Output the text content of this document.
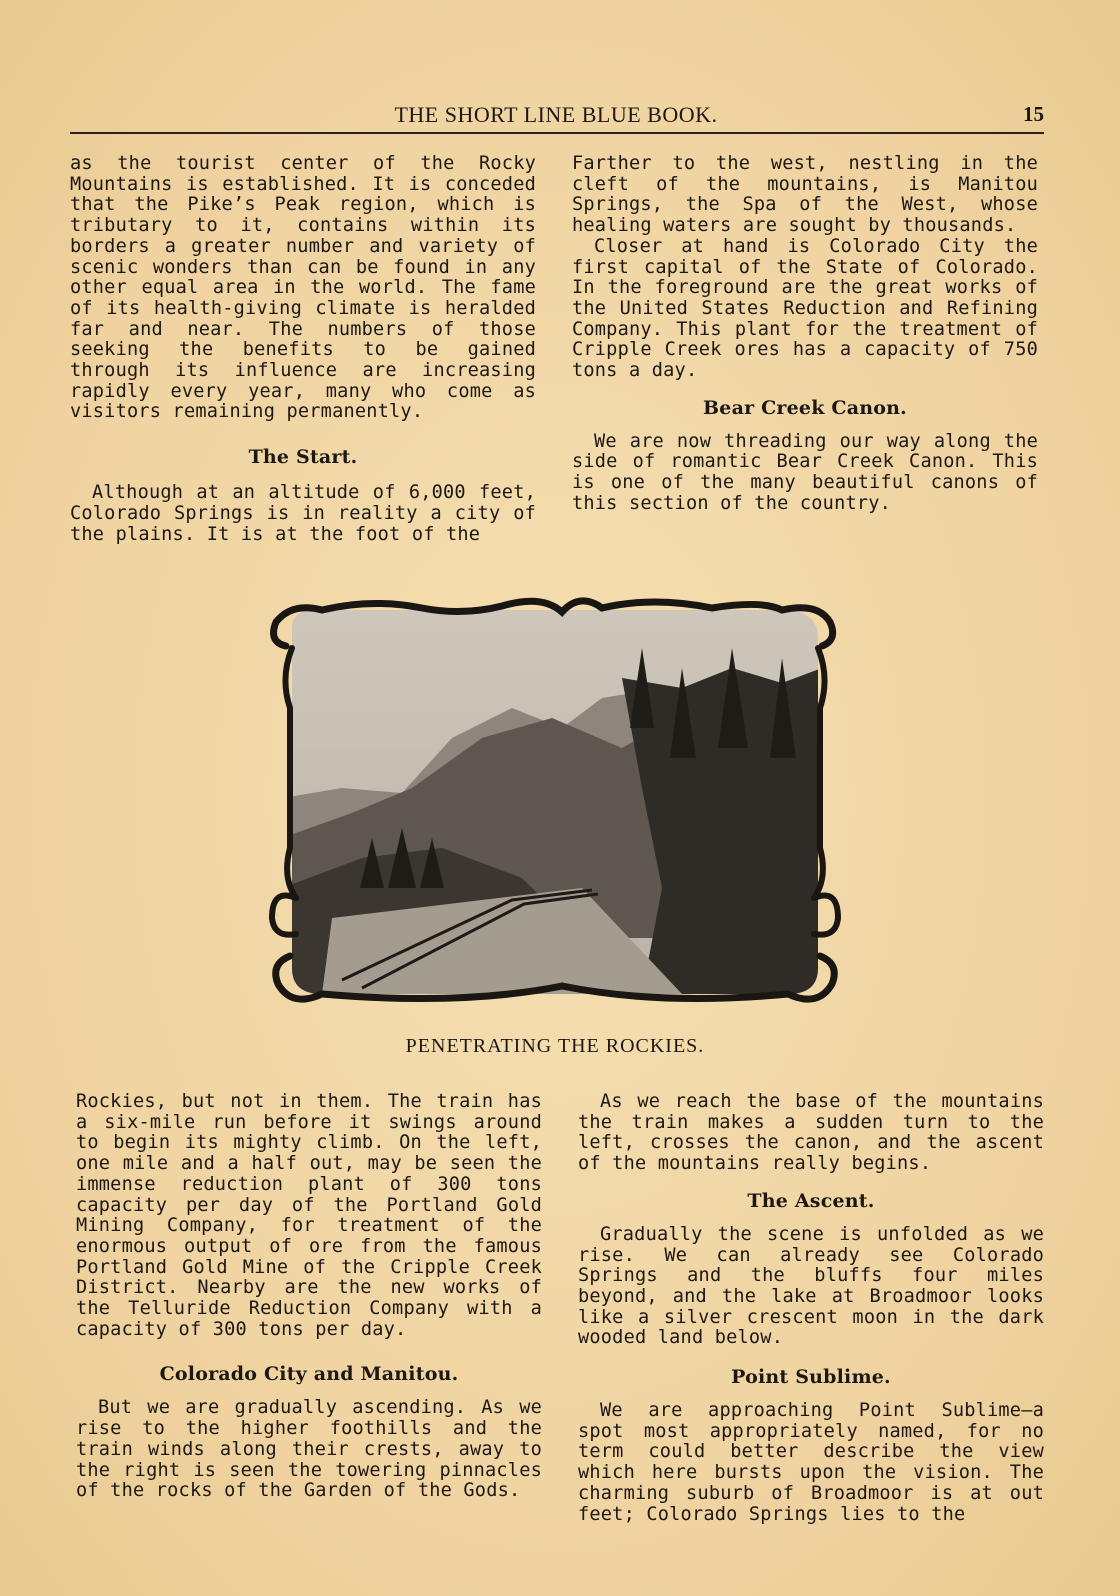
THE SHORT LINE BLUE BOOK.	15

as the tourist center of the Rocky Mountains is established. It is conceded that the Pike’s Peak region, which is tributary to it, contains within its borders a greater number and variety of scenic wonders than can be found in any other equal area in the world. The fame of its health-giving climate is heralded far and near. The numbers of those seeking the benefits to be gained through its influence are increasing rapidly every year, many who come as visitors remaining permanently.

The Start.

Although at an altitude of 6,000 feet, Colorado Springs is in reality a city of the plains. It is at the foot of the

Farther to the west, nestling in the cleft of the mountains, is Manitou Springs, the Spa of the West, whose healing waters are sought by thousands.

Closer at hand is Colorado City the first capital of the State of Colorado. In the foreground are the great works of the United States Reduction and Refining Company. This plant for the treatment of Cripple Creek ores has a capacity of 750 tons a day.

Bear Creek Canon.

We are now threading our way along the side of romantic Bear Creek Canon. This is one of the many beautiful canons of this section of the country.

PENETRATING THE ROCKIES.

Rockies, but not in them. The train has a six-mile run before it swings around to begin its mighty climb. On the left, one mile and a half out, may be seen the immense reduction plant of 300 tons capacity per day of the Portland Gold Mining Company, for treatment of the enormous output of ore from the famous Portland Gold Mine of the Cripple Creek District. Nearby are the new works of the Telluride Reduction Company with a capacity of 300 tons per day.

Colorado City and Manitou.

But we are gradually ascending. As we rise to the higher foothills and the train winds along their crests, away to the right is seen the towering pinnacles of the rocks of the Garden of the Gods.

As we reach the base of the mountains the train makes a sudden turn to the left, crosses the canon, and the ascent of the mountains really begins.

The Ascent.

Gradually the scene is unfolded as we rise. We can already see Colorado Springs and the bluffs four miles beyond, and the lake at Broadmoor looks like a silver crescent moon in the dark wooded land below.

Point Sublime.

We are approaching Point Sublime—a spot most appropriately named, for no term could better describe the view which here bursts upon the vision. The charming suburb of Broadmoor is at out feet; Colorado Springs lies to the
